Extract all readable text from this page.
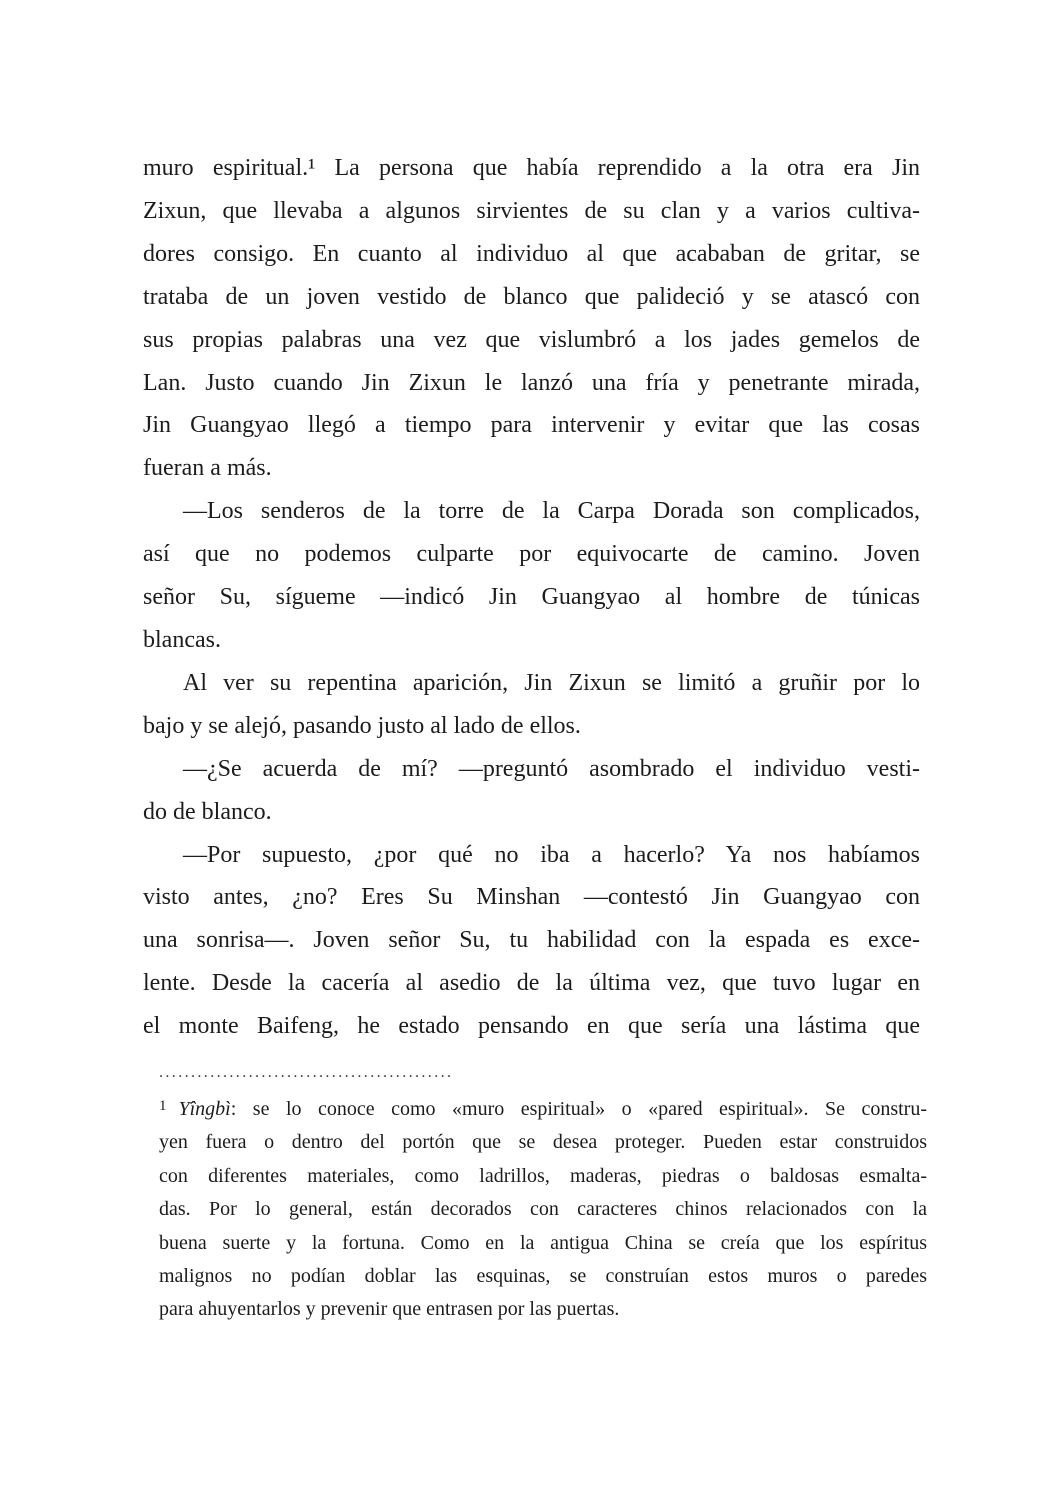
muro espiritual.¹ La persona que había reprendido a la otra era Jin
Zixun, que llevaba a algunos sirvientes de su clan y a varios cultiva-
dores consigo. En cuanto al individuo al que acababan de gritar, se
trataba de un joven vestido de blanco que palideció y se atascó con
sus propias palabras una vez que vislumbró a los jades gemelos de
Lan. Justo cuando Jin Zixun le lanzó una fría y penetrante mirada,
Jin Guangyao llegó a tiempo para intervenir y evitar que las cosas
fueran a más.
—Los senderos de la torre de la Carpa Dorada son complicados,
así que no podemos culparte por equivocarte de camino. Joven
señor Su, sígueme —indicó Jin Guangyao al hombre de túnicas
blancas.
Al ver su repentina aparición, Jin Zixun se limitó a gruñir por lo
bajo y se alejó, pasando justo al lado de ellos.
—¿Se acuerda de mí? —preguntó asombrado el individuo vesti-
do de blanco.
—Por supuesto, ¿por qué no iba a hacerlo? Ya nos habíamos
visto antes, ¿no? Eres Su Minshan —contestó Jin Guangyao con
una sonrisa—. Joven señor Su, tu habilidad con la espada es exce-
lente. Desde la cacería al asedio de la última vez, que tuvo lugar en
el monte Baifeng, he estado pensando en que sería una lástima que
..............................................
$^1$ Yîngbì: se lo conoce como «muro espiritual» o «pared espiritual». Se constru-
yen fuera o dentro del portón que se desea proteger. Pueden estar construidos
con diferentes materiales, como ladrillos, maderas, piedras o baldosas esmalta-
das. Por lo general, están decorados con caracteres chinos relacionados con la
buena suerte y la fortuna. Como en la antigua China se creía que los espíritus
malignos no podían doblar las esquinas, se construían estos muros o paredes
para ahuyentarlos y prevenir que entrasen por las puertas.
